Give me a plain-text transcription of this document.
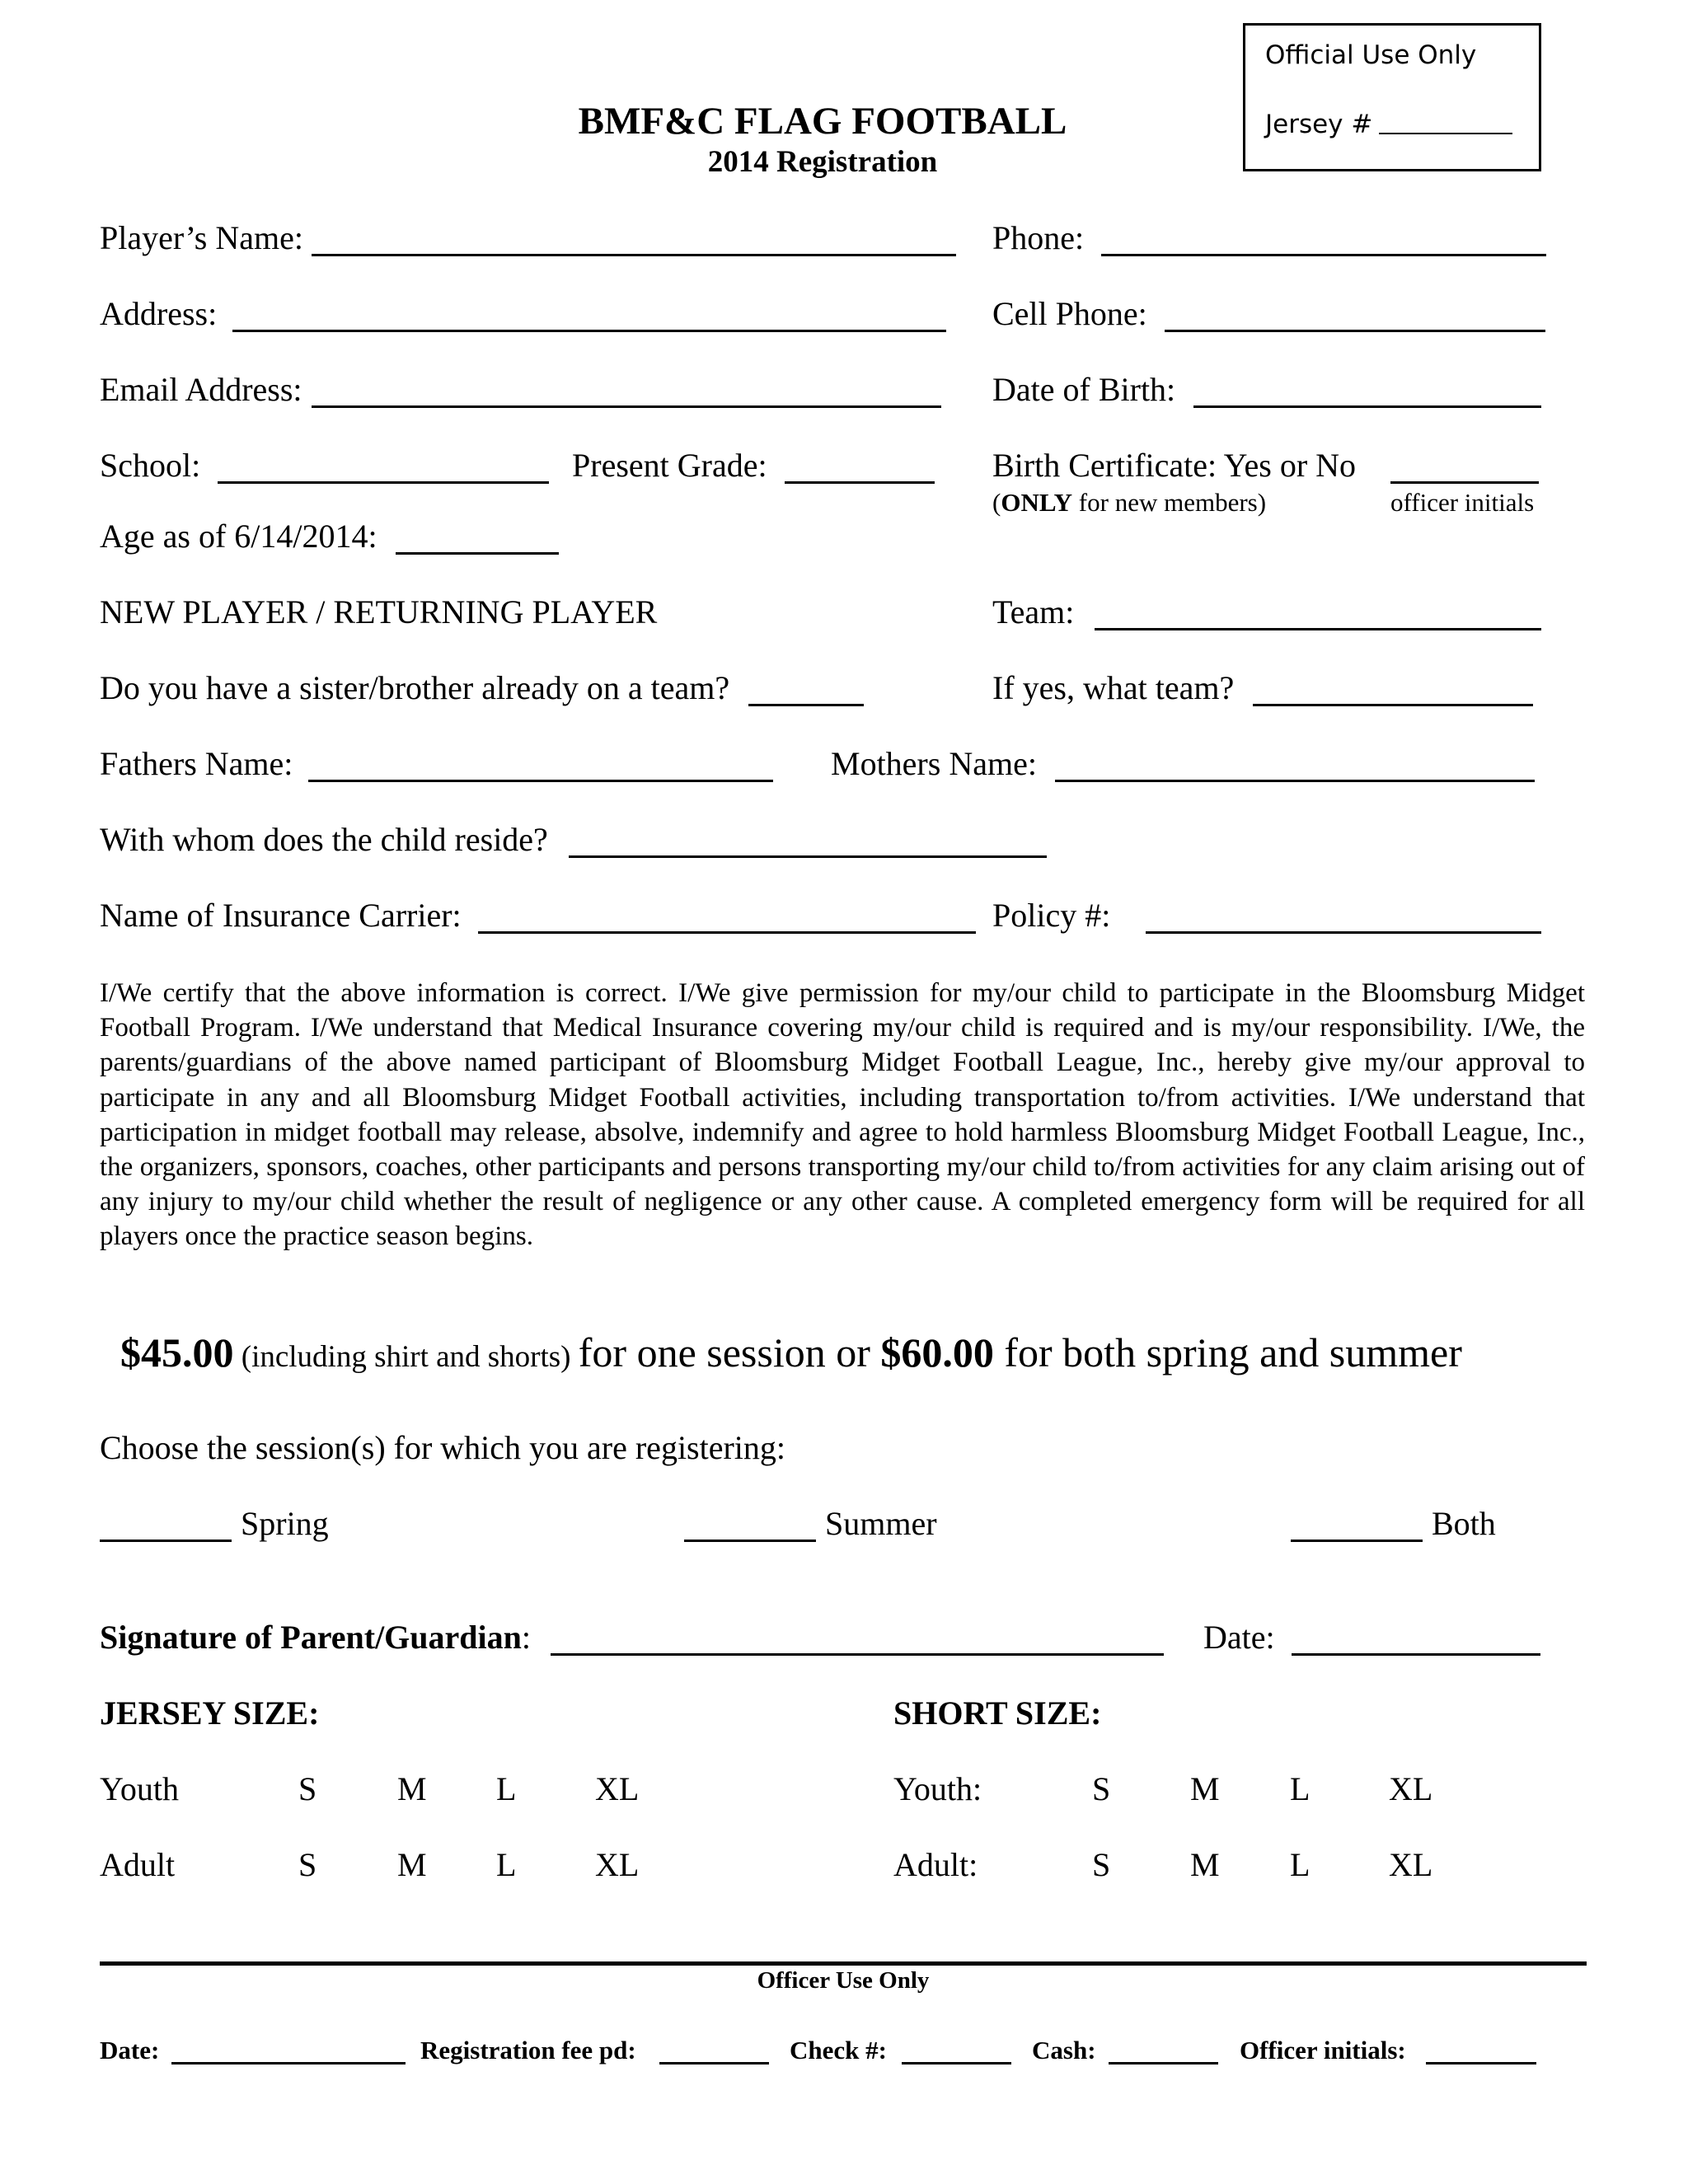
Official Use Only
Jersey #
BMF&C FLAG FOOTBALL
2014 Registration
Player’s Name:	Phone:
Address:	Cell Phone:
Email Address:	Date of Birth:
School:	Present Grade:	Birth Certificate: Yes or No
(ONLY for new members)	officer initials
Age as of 6/14/2014:
NEW PLAYER / RETURNING PLAYER	Team:
Do you have a sister/brother already on a team?	If yes, what team?
Fathers Name:	Mothers Name:
With whom does the child reside?
Name of Insurance Carrier:	Policy #:
I/We certify that the above information is correct. I/We give permission for my/our child to participate in the Bloomsburg Midget Football Program. I/We understand that Medical Insurance covering my/our child is required and is my/our responsibility. I/We, the parents/guardians of the above named participant of Bloomsburg Midget Football League, Inc., hereby give my/our approval to participate in any and all Bloomsburg Midget Football activities, including transportation to/from activities. I/We understand that participation in midget football may release, absolve, indemnify and agree to hold harmless Bloomsburg Midget Football League, Inc., the organizers, sponsors, coaches, other participants and persons transporting my/our child to/from activities for any claim arising out of any injury to my/our child whether the result of negligence or any other cause. A completed emergency form will be required for all players once the practice season begins.
$45.00 (including shirt and shorts) for one session or $60.00 for both spring and summer
Choose the session(s) for which you are registering:
Spring	Summer	Both
Signature of Parent/Guardian:	Date:
JERSEY SIZE:	SHORT SIZE:
Youth	S M L XL	Youth:	S M L XL
Adult	S M L XL	Adult:	S M L XL
Officer Use Only
Date:	Registration fee pd:	Check #:	Cash:	Officer initials:
